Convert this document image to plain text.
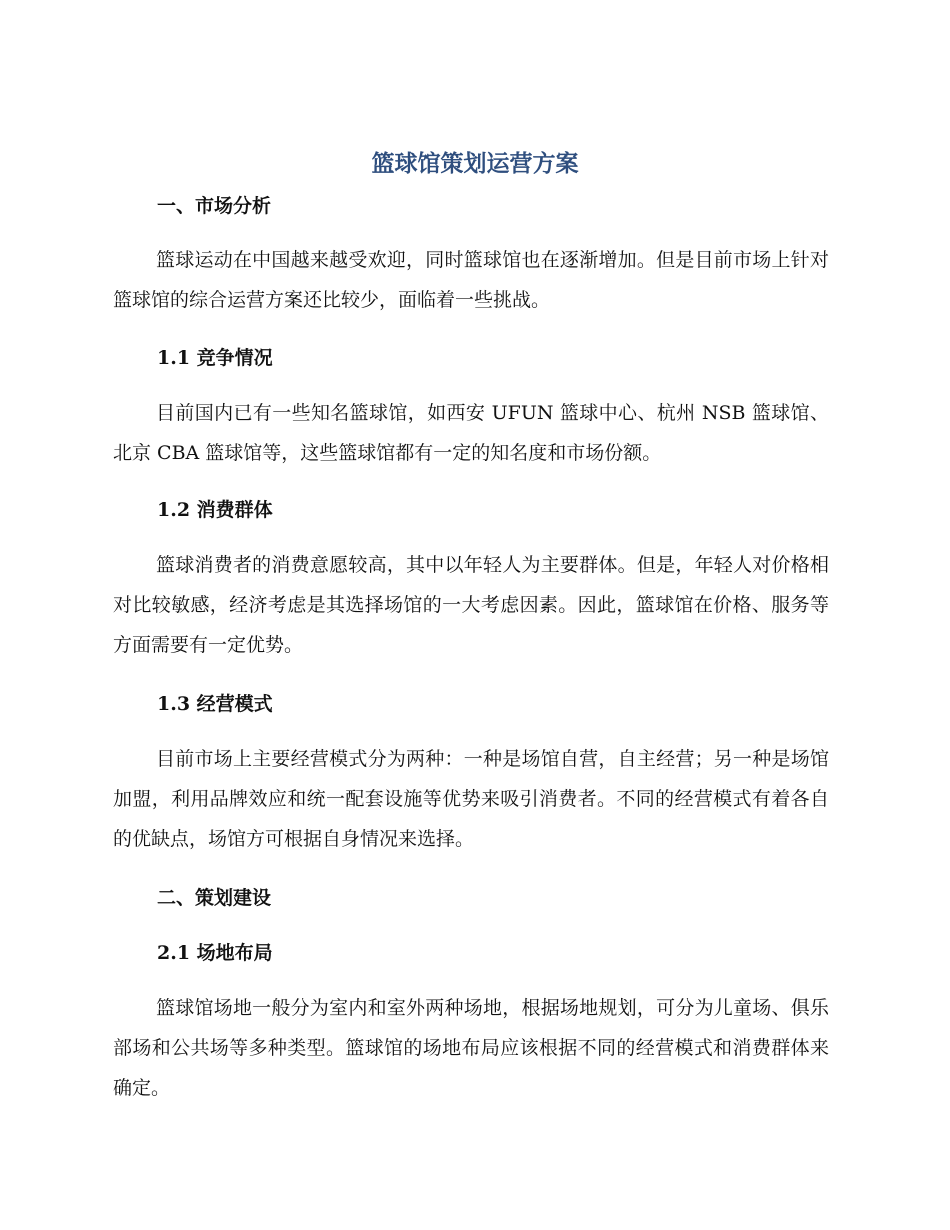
篮球馆策划运营方案
一、市场分析

篮球运动在中国越来越受欢迎，同时篮球馆也在逐渐增加。但是目前市场上针对篮球馆的综合运营方案还比较少，面临着一些挑战。

1.1 竞争情况

目前国内已有一些知名篮球馆，如西安 UFUN 篮球中心、杭州 NSB 篮球馆、北京 CBA 篮球馆等，这些篮球馆都有一定的知名度和市场份额。

1.2 消费群体

篮球消费者的消费意愿较高，其中以年轻人为主要群体。但是，年轻人对价格相对比较敏感，经济考虑是其选择场馆的一大考虑因素。因此，篮球馆在价格、服务等方面需要有一定优势。

1.3 经营模式

目前市场上主要经营模式分为两种：一种是场馆自营，自主经营；另一种是场馆加盟，利用品牌效应和统一配套设施等优势来吸引消费者。不同的经营模式有着各自的优缺点，场馆方可根据自身情况来选择。

二、策划建设
2.1 场地布局

篮球馆场地一般分为室内和室外两种场地，根据场地规划，可分为儿童场、俱乐部场和公共场等多种类型。篮球馆的场地布局应该根据不同的经营模式和消费群体来确定。
